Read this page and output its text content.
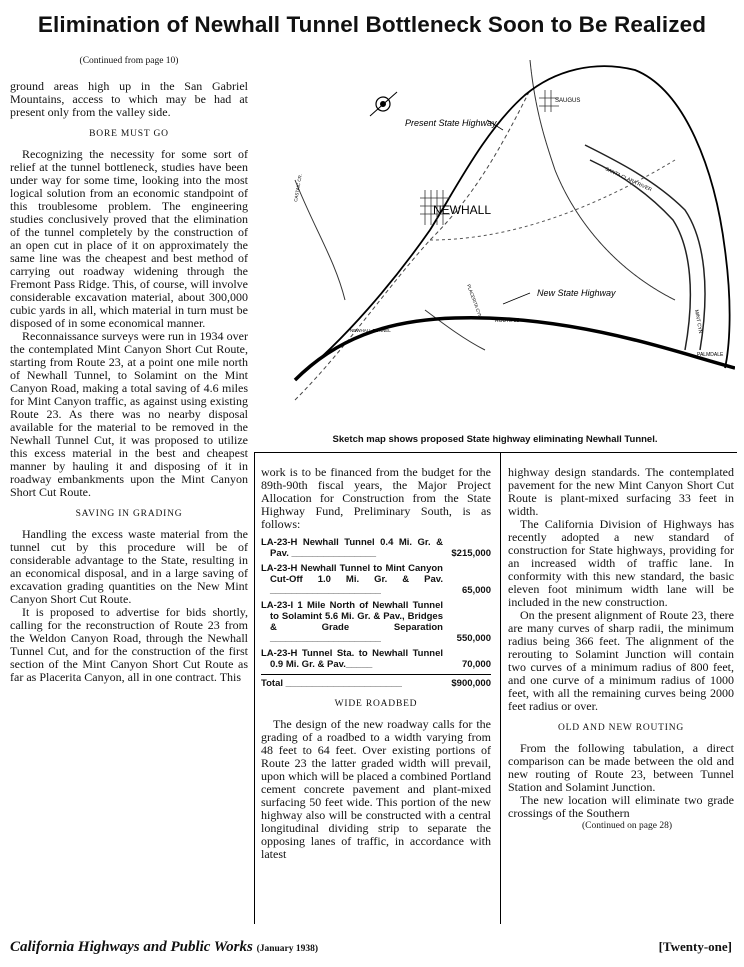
Elimination of Newhall Tunnel Bottleneck Soon to Be Realized
(Continued from page 10)

ground areas high up in the San Gabriel Mountains, access to which may be had at present only from the valley side.

BORE MUST GO

Recognizing the necessity for some sort of relief at the tunnel bottleneck, studies have been under way for some time, looking into the most logical solution from an economic standpoint of this troublesome problem. The engineering studies conclusively proved that the elimination of the tunnel completely by the construction of an open cut in place of it on approximately the same line was the cheapest and best method of carrying out roadway widening through the Fremont Pass Ridge. This, of course, will involve considerable excavation material, about 300,000 cubic yards in all, which material in turn must be disposed of in some economical manner.

Reconnaissance surveys were run in 1934 over the contemplated Mint Canyon Short Cut Route, starting from Route 23, at a point one mile north of Newhall Tunnel, to Solamint on the Mint Canyon Road, making a total saving of 4.6 miles for Mint Canyon traffic, as against using existing Route 23. As there was no nearby disposal available for the material to be removed in the Newhall Tunnel Cut, it was proposed to utilize this excess material in the best and cheapest manner by hauling it and disposing of it in roadway embankments upon the Mint Canyon Short Cut Route.

SAVING IN GRADING

Handling the excess waste material from the tunnel cut by this procedure will be of considerable advantage to the State, resulting in an economical disposal, and in a large saving of excavation grading quantities on the New Mint Canyon Short Cut Route.

It is proposed to advertise for bids shortly, calling for the reconstruction of Route 23 from the Weldon Canyon Road, through the Newhall Tunnel Cut, and for the construction of the first section of the Mint Canyon Short Cut Route as far as Placerita Canyon, all in one contract. This

Present State Highway
New State Highway
NEWHALL
SAUGUS
PALMDALE
ROUTE 23
NEWHALL TUNNEL
SANTA CLARA RIVER
MINT CYN
CASTAIC CR.
PLACERITA CYN
Sketch map shows proposed State highway eliminating Newhall Tunnel.

work is to be financed from the budget for the 89th-90th fiscal years, the Major Project Allocation for Construction from the State Highway Fund, Preliminary South, is as follows:

LA-23-H Newhall Tunnel 0.4 Mi. Gr. & Pav. ________________	$215,000
LA-23-H Newhall Tunnel to Mint Canyon Cut-Off 1.0 Mi. Gr. & Pav. _____________________	65,000
LA-23-I 1 Mile North of Newhall Tunnel to Solamint 5.6 Mi. Gr. & Pav., Bridges & Grade Separation _____________________	550,000
LA-23-H Tunnel Sta. to Newhall Tunnel 0.9 Mi. Gr. & Pav._____	70,000
Total ______________________	$900,000

WIDE ROADBED

The design of the new roadway calls for the grading of a roadbed to a width varying from 48 feet to 64 feet. Over existing portions of Route 23 the latter graded width will prevail, upon which will be placed a combined Portland cement concrete pavement and plant-mixed surfacing 50 feet wide. This portion of the new highway also will be constructed with a central longitudinal dividing strip to separate the opposing lanes of traffic, in accordance with latest

highway design standards. The contemplated pavement for the new Mint Canyon Short Cut Route is plant-mixed surfacing 33 feet in width.

The California Division of Highways has recently adopted a new standard of construction for State highways, providing for an increased width of traffic lane. In conformity with this new standard, the basic eleven foot minimum width lane will be included in the new construction.

On the present alignment of Route 23, there are many curves of sharp radii, the minimum radius being 366 feet. The alignment of the rerouting to Solamint Junction will contain two curves of a minimum radius of 800 feet, and one curve of a minimum radius of 1000 feet, with all the remaining curves being 2000 feet radius or over.

OLD AND NEW ROUTING

From the following tabulation, a direct comparison can be made between the old and new routing of Route 23, between Tunnel Station and Solamint Junction.

The new location will eliminate two grade crossings of the Southern

(Continued on page 28)

California Highways and Public Works (January 1938)	[Twenty-one]
